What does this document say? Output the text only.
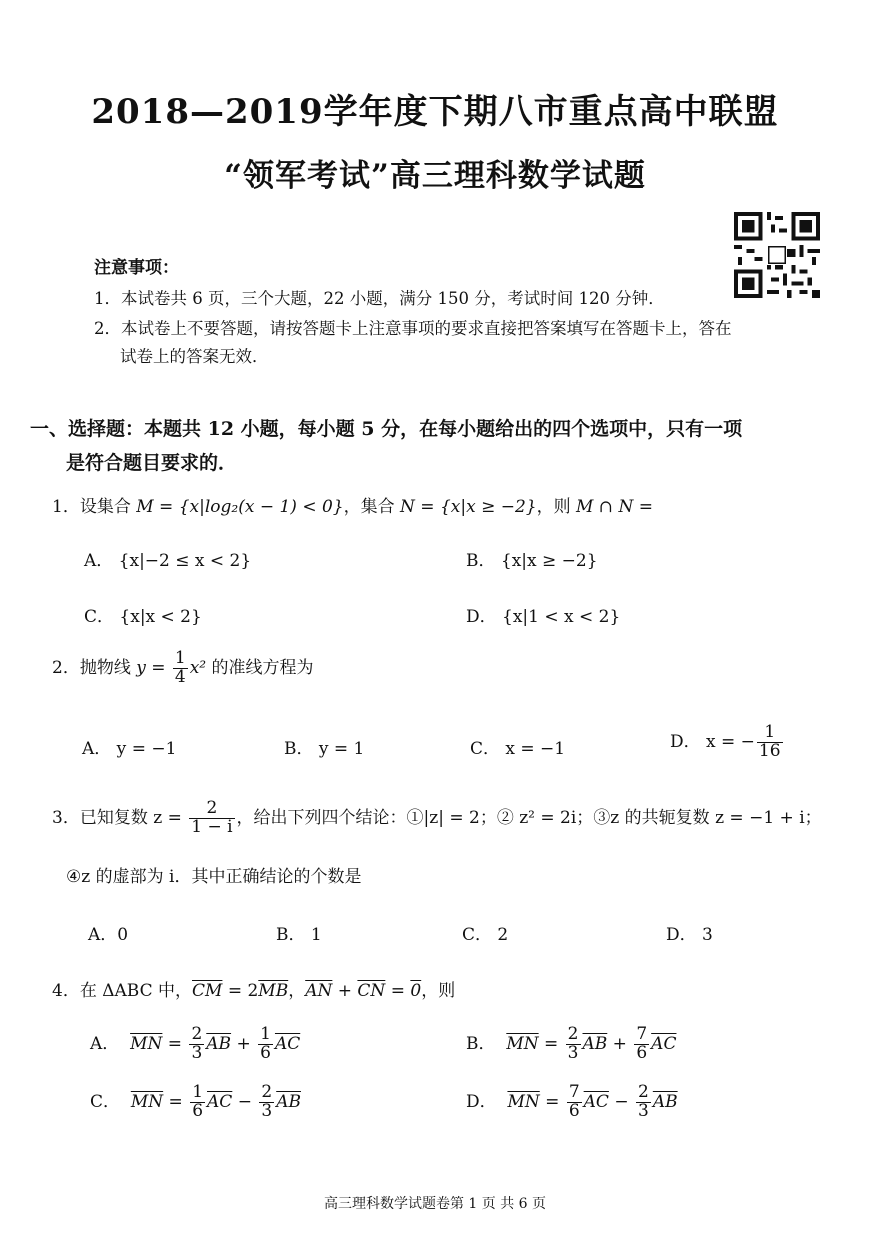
2018—2019学年度下期八市重点高中联盟
“领军考试”高三理科数学试题
注意事项：
1．本试卷共 6 页，三个大题，22 小题，满分 150 分，考试时间 120 分钟．
2．本试卷上不要答题，请按答题卡上注意事项的要求直接把答案填写在答题卡上，答在
试卷上的答案无效．
一、选择题：本题共 12 小题，每小题 5 分，在每小题给出的四个选项中，只有一项
是符合题目要求的．
1．设集合 M = {x|log₂(x − 1) < 0}，集合 N = {x|x ≥ −2}，则 M ∩ N =
A． {x|−2 ≤ x < 2}	B． {x|x ≥ −2}
C． {x|x < 2}	D． {x|1 < x < 2}
2．抛物线 $y = \frac{1}{4} x^2$ 的准线方程为
A． y = −1	B． y = 1	C． x = −1	D． x = − $\frac{1}{16}$
3．已知复数 $z = \frac{2}{1 - i}$ ，给出下列四个结论：①|z| = 2；② z² = 2i；③z 的共轭复数 z = −1 + i；
④z 的虚部为 i．其中正确结论的个数是
A．0	B． 1	C． 2	D． 3
4．在 ΔABC 中，$\overline{CM} = 2\overline{MB}$，$\overline{AN} + \overline{CN} = 0$，则
A． $\overline{MN} = \frac{2}{3} \overline{AB} + \frac{1}{6} \overline{AC}$	B． $\overline{MN} = \frac{2}{3} \overline{AB} + \frac{7}{6} \overline{AC}$
C． $\overline{MN} = \frac{1}{6} \overline{AC} - \frac{2}{3} \overline{AB}$	D． $\overline{MN} = \frac{7}{6} \overline{AC} - \frac{2}{3} \overline{AB}$
高三理科数学试题卷第 1 页 共 6 页
